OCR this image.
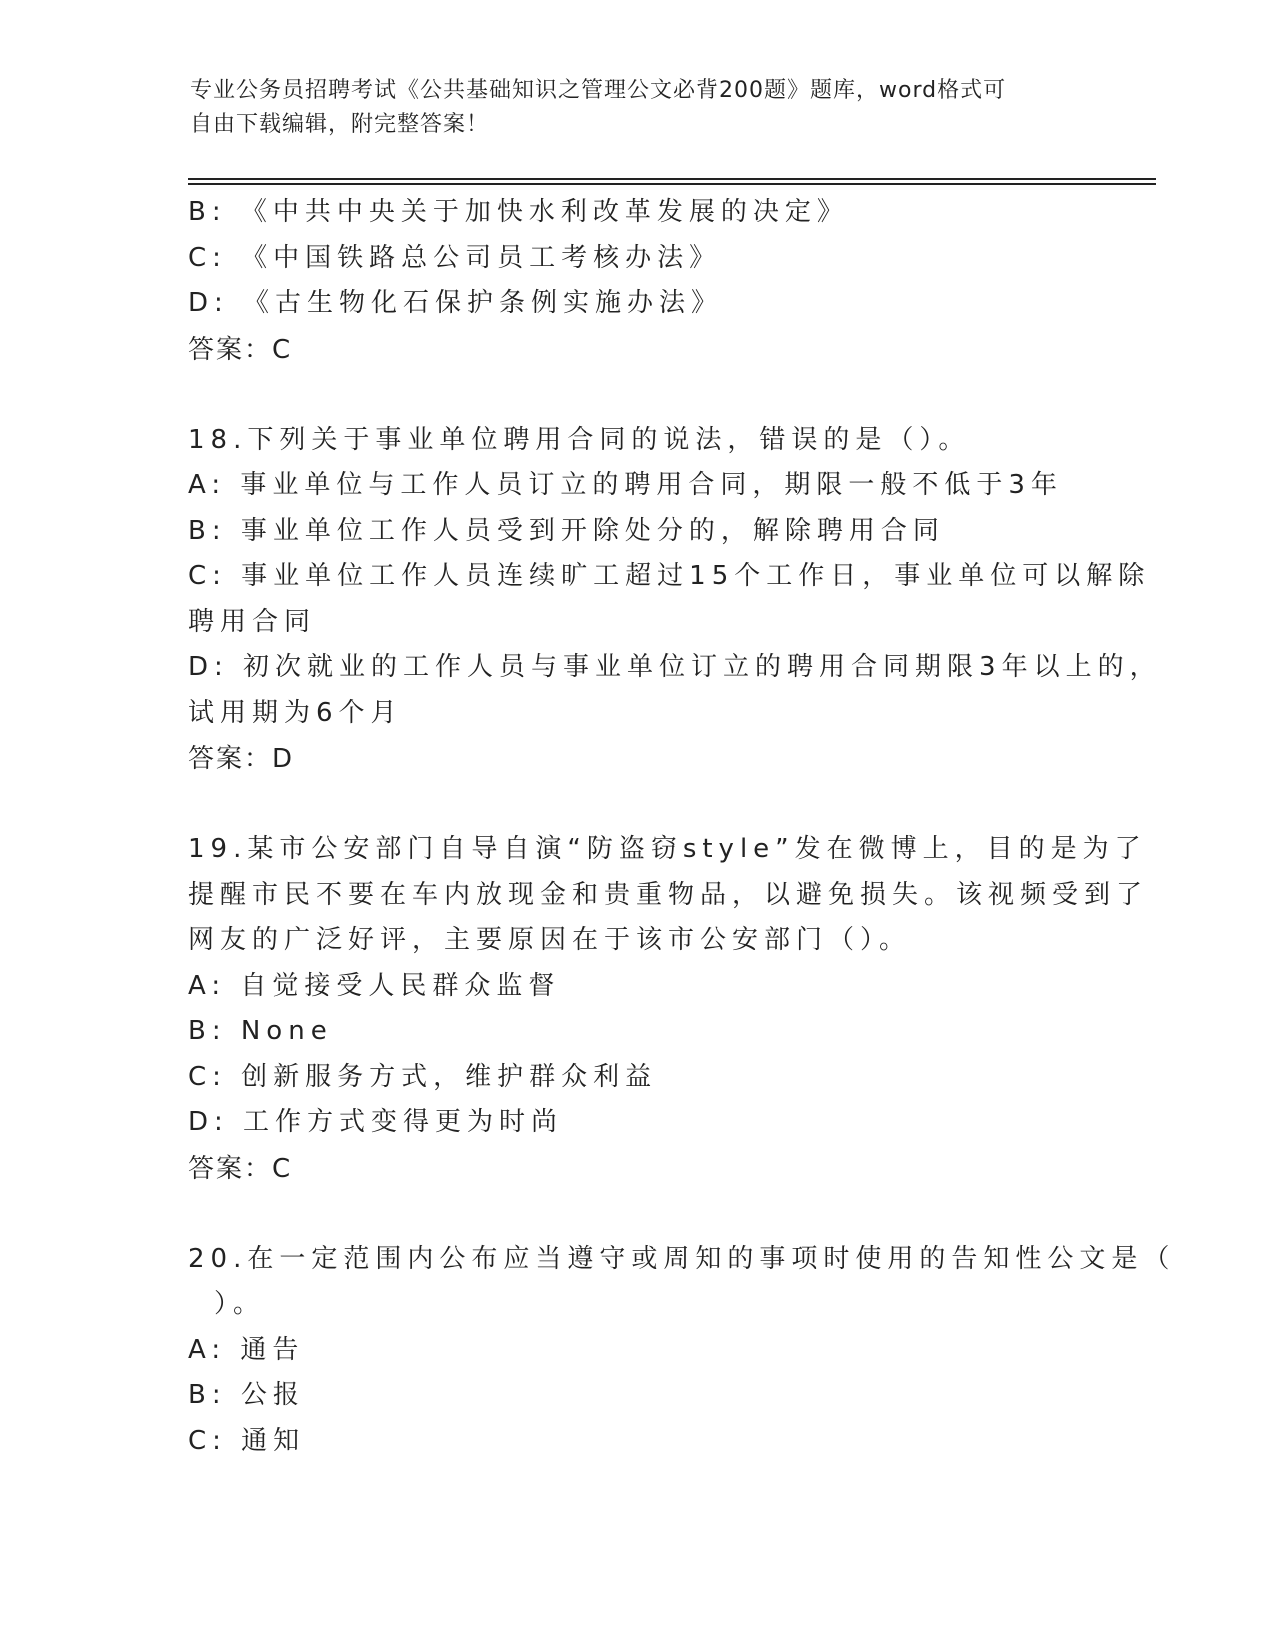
专业公务员招聘考试《公共基础知识之管理公文必背200题》题库，word格式可
自由下载编辑，附完整答案！
B: 《中共中央关于加快水利改革发展的决定》
C: 《中国铁路总公司员工考核办法》
D: 《古生物化石保护条例实施办法》
答案：C
18.下列关于事业单位聘用合同的说法，错误的是（）。
A: 事业单位与工作人员订立的聘用合同，期限一般不低于3年
B: 事业单位工作人员受到开除处分的，解除聘用合同
C: 事业单位工作人员连续旷工超过15个工作日，事业单位可以解除
聘用合同
D: 初次就业的工作人员与事业单位订立的聘用合同期限3年以上的，
试用期为6个月
答案：D
19.某市公安部门自导自演“防盗窃style”发在微博上，目的是为了
提醒市民不要在车内放现金和贵重物品，以避免损失。该视频受到了
网友的广泛好评，主要原因在于该市公安部门（）。
A: 自觉接受人民群众监督
B: None
C: 创新服务方式，维护群众利益
D: 工作方式变得更为时尚
答案：C
20.在一定范围内公布应当遵守或周知的事项时使用的告知性公文是（
）。
A: 通告
B: 公报
C: 通知
